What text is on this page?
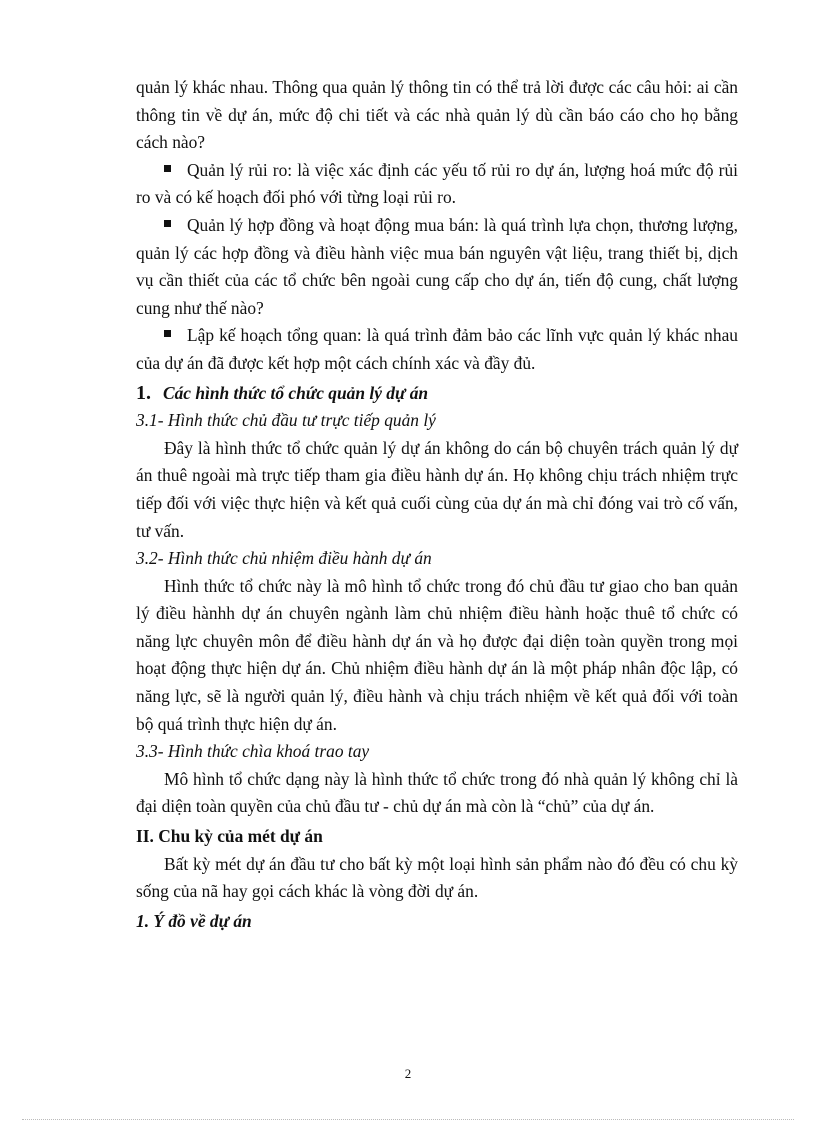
quản lý khác nhau. Thông qua quản lý thông tin có thể trả lời được các câu hỏi: ai cần thông tin về dự án, mức độ chi tiết và các nhà quản lý dù cần báo cáo cho họ bằng cách nào?

Quản lý rủi ro: là việc xác định các yếu tố rủi ro dự án, lượng hoá mức độ rủi ro và có kế hoạch đối phó với từng loại rủi ro.

Quản lý hợp đồng và hoạt động mua bán: là quá trình lựa chọn, thương lượng, quản lý các hợp đồng và điều hành việc mua bán nguyên vật liệu, trang thiết bị, dịch vụ cần thiết của các tổ chức bên ngoài cung cấp cho dự án, tiến độ cung, chất lượng cung như thế nào?

Lập kế hoạch tổng quan: là quá trình đảm bảo các lĩnh vực quản lý khác nhau của dự án đã được kết hợp một cách chính xác và đầy đủ.

1. Các hình thức tổ chức quản lý dự án

3.1- Hình thức chủ đầu tư trực tiếp quản lý

Đây là hình thức tổ chức quản lý dự án không do cán bộ chuyên trách quản lý dự án thuê ngoài mà trực tiếp tham gia điều hành dự án. Họ không chịu trách nhiệm trực tiếp đối với việc thực hiện và kết quả cuối cùng của dự án mà chỉ đóng vai trò cố vấn, tư vấn.

3.2- Hình thức chủ nhiệm điều hành dự án

Hình thức tổ chức này là mô hình tổ chức trong đó chủ đầu tư giao cho ban quản lý điều hànhh dự án chuyên ngành làm chủ nhiệm điều hành hoặc thuê tổ chức có năng lực chuyên môn để điều hành dự án và họ được đại diện toàn quyền trong mọi hoạt động thực hiện dự án. Chủ nhiệm điều hành dự án là một pháp nhân độc lập, có năng lực, sẽ là người quản lý, điều hành và chịu trách nhiệm về kết quả đối với toàn bộ quá trình thực hiện dự án.

3.3- Hình thức chìa khoá trao tay

Mô hình tổ chức dạng này là hình thức tổ chức trong đó nhà quản lý không chỉ là đại diện toàn quyền của chủ đầu tư - chủ dự án mà còn là “chủ” của dự án.

II. Chu kỳ của mét dự án

Bất kỳ mét dự án đầu tư cho bất kỳ một loại hình sản phẩm nào đó đều có chu kỳ sống của nã hay gọi cách khác là vòng đời dự án.

1. Ý đồ về dự án

2
